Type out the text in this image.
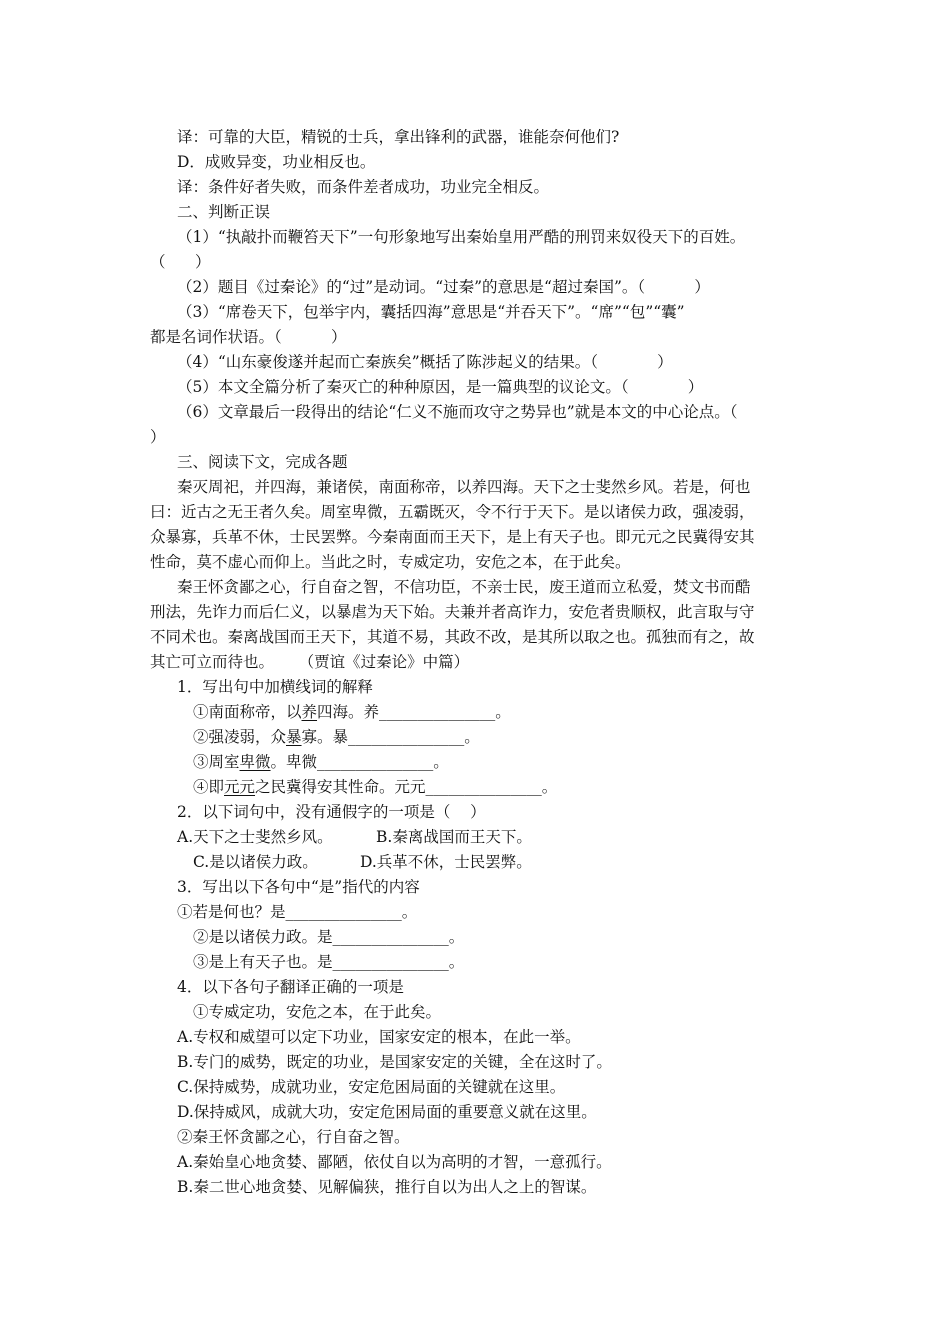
译：可靠的大臣，精锐的士兵，拿出锋利的武器，谁能奈何他们?
D．成败异变，功业相反也。
译：条件好者失败，而条件差者成功，功业完全相反。
二、判断正误
（1）“执敲扑而鞭笞天下”一句形象地写出秦始皇用严酷的刑罚来奴役天下的百姓。
（      ）
（2）题目《过秦论》的“过”是动词。“过秦”的意思是“超过秦国”。（          ）
（3）“席卷天下，包举宇内，囊括四海”意思是“并吞天下”。“席”“包”“囊”
都是名词作状语。（          ）
（4）“山东豪俊遂并起而亡秦族矣”概括了陈涉起义的结果。（            ）
（5）本文全篇分析了秦灭亡的种种原因，是一篇典型的议论文。（            ）
（6）文章最后一段得出的结论“仁义不施而攻守之势异也”就是本文的中心论点。（
）
三、阅读下文，完成各题
秦灭周祀，并四海，兼诸侯，南面称帝，以养四海。天下之士斐然乡风。若是，何也
曰：近古之无王者久矣。周室卑微，五霸既灭，令不行于天下。是以诸侯力政，强凌弱，
众暴寡，兵革不休，士民罢弊。今秦南面而王天下，是上有天子也。即元元之民冀得安其
性命，莫不虚心而仰上。当此之时，专威定功，安危之本，在于此矣。
秦王怀贪鄙之心，行自奋之智，不信功臣，不亲士民，废王道而立私爱，焚文书而酷
刑法，先诈力而后仁义，以暴虐为天下始。夫兼并者高诈力，安危者贵顺权，此言取与守
不同术也。秦离战国而王天下，其道不易，其政不改，是其所以取之也。孤独而有之，故
其亡可立而待也。     （贾谊《过秦论》中篇）
1．写出句中加横线词的解释
①南面称帝，以养四海。养_______________。
②强凌弱，众暴寡。暴_______________。
③周室卑微。卑微_______________。
④即元元之民冀得安其性命。元元_______________。
2．以下词句中，没有通假字的一项是（    ）
A.天下之士斐然乡风。	B.秦离战国而王天下。
C.是以诸侯力政。	D.兵革不休，士民罢弊。
3．写出以下各句中“是”指代的内容
①若是何也？是_______________。
②是以诸侯力政。是_______________。
③是上有天子也。是_______________。
4．以下各句子翻译正确的一项是
①专威定功，安危之本，在于此矣。
A.专权和威望可以定下功业，国家安定的根本，在此一举。
B.专门的威势，既定的功业，是国家安定的关键，全在这时了。
C.保持威势，成就功业，安定危困局面的关键就在这里。
D.保持威风，成就大功，安定危困局面的重要意义就在这里。
②秦王怀贪鄙之心，行自奋之智。
A.秦始皇心地贪婪、鄙陋，依仗自以为高明的才智，一意孤行。
B.秦二世心地贪婪、见解偏狭，推行自以为出人之上的智谋。
